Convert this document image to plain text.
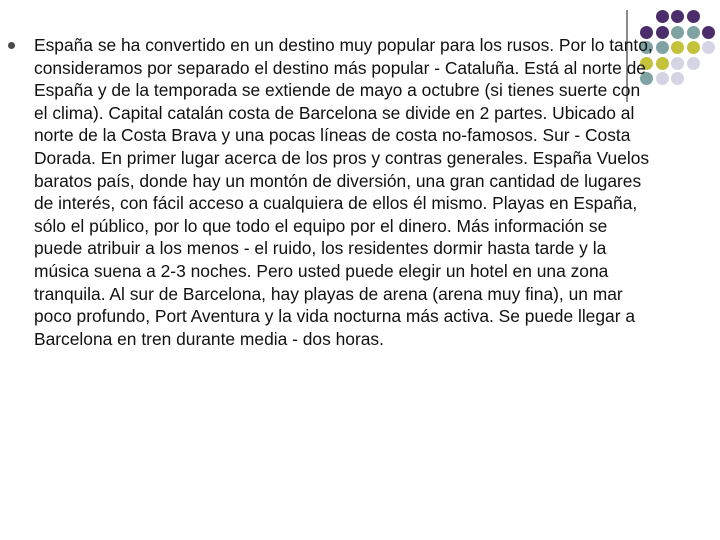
España se ha convertido en un destino muy popular para los rusos. Por lo tanto, consideramos por separado el destino más popular - Cataluña. Está al norte de España y de la temporada se extiende de mayo a octubre (si tienes suerte con el clima). Capital catalán costa de Barcelona se divide en 2 partes. Ubicado al norte de la Costa Brava y una pocas líneas de costa no-famosos. Sur - Costa Dorada. En primer lugar acerca de los pros y contras generales. España Vuelos baratos país, donde hay un montón de diversión, una gran cantidad de lugares de interés, con fácil acceso a cualquiera de ellos él mismo. Playas en España, sólo el público, por lo que todo el equipo por el dinero. Más información se puede atribuir a los menos - el ruido, los residentes dormir hasta tarde y la música suena a 2-3 noches. Pero usted puede elegir un hotel en una zona tranquila. Al sur de Barcelona, hay playas de arena (arena muy fina), un mar poco profundo, Port Aventura y la vida nocturna más activa. Se puede llegar a Barcelona en tren durante media - dos horas.
